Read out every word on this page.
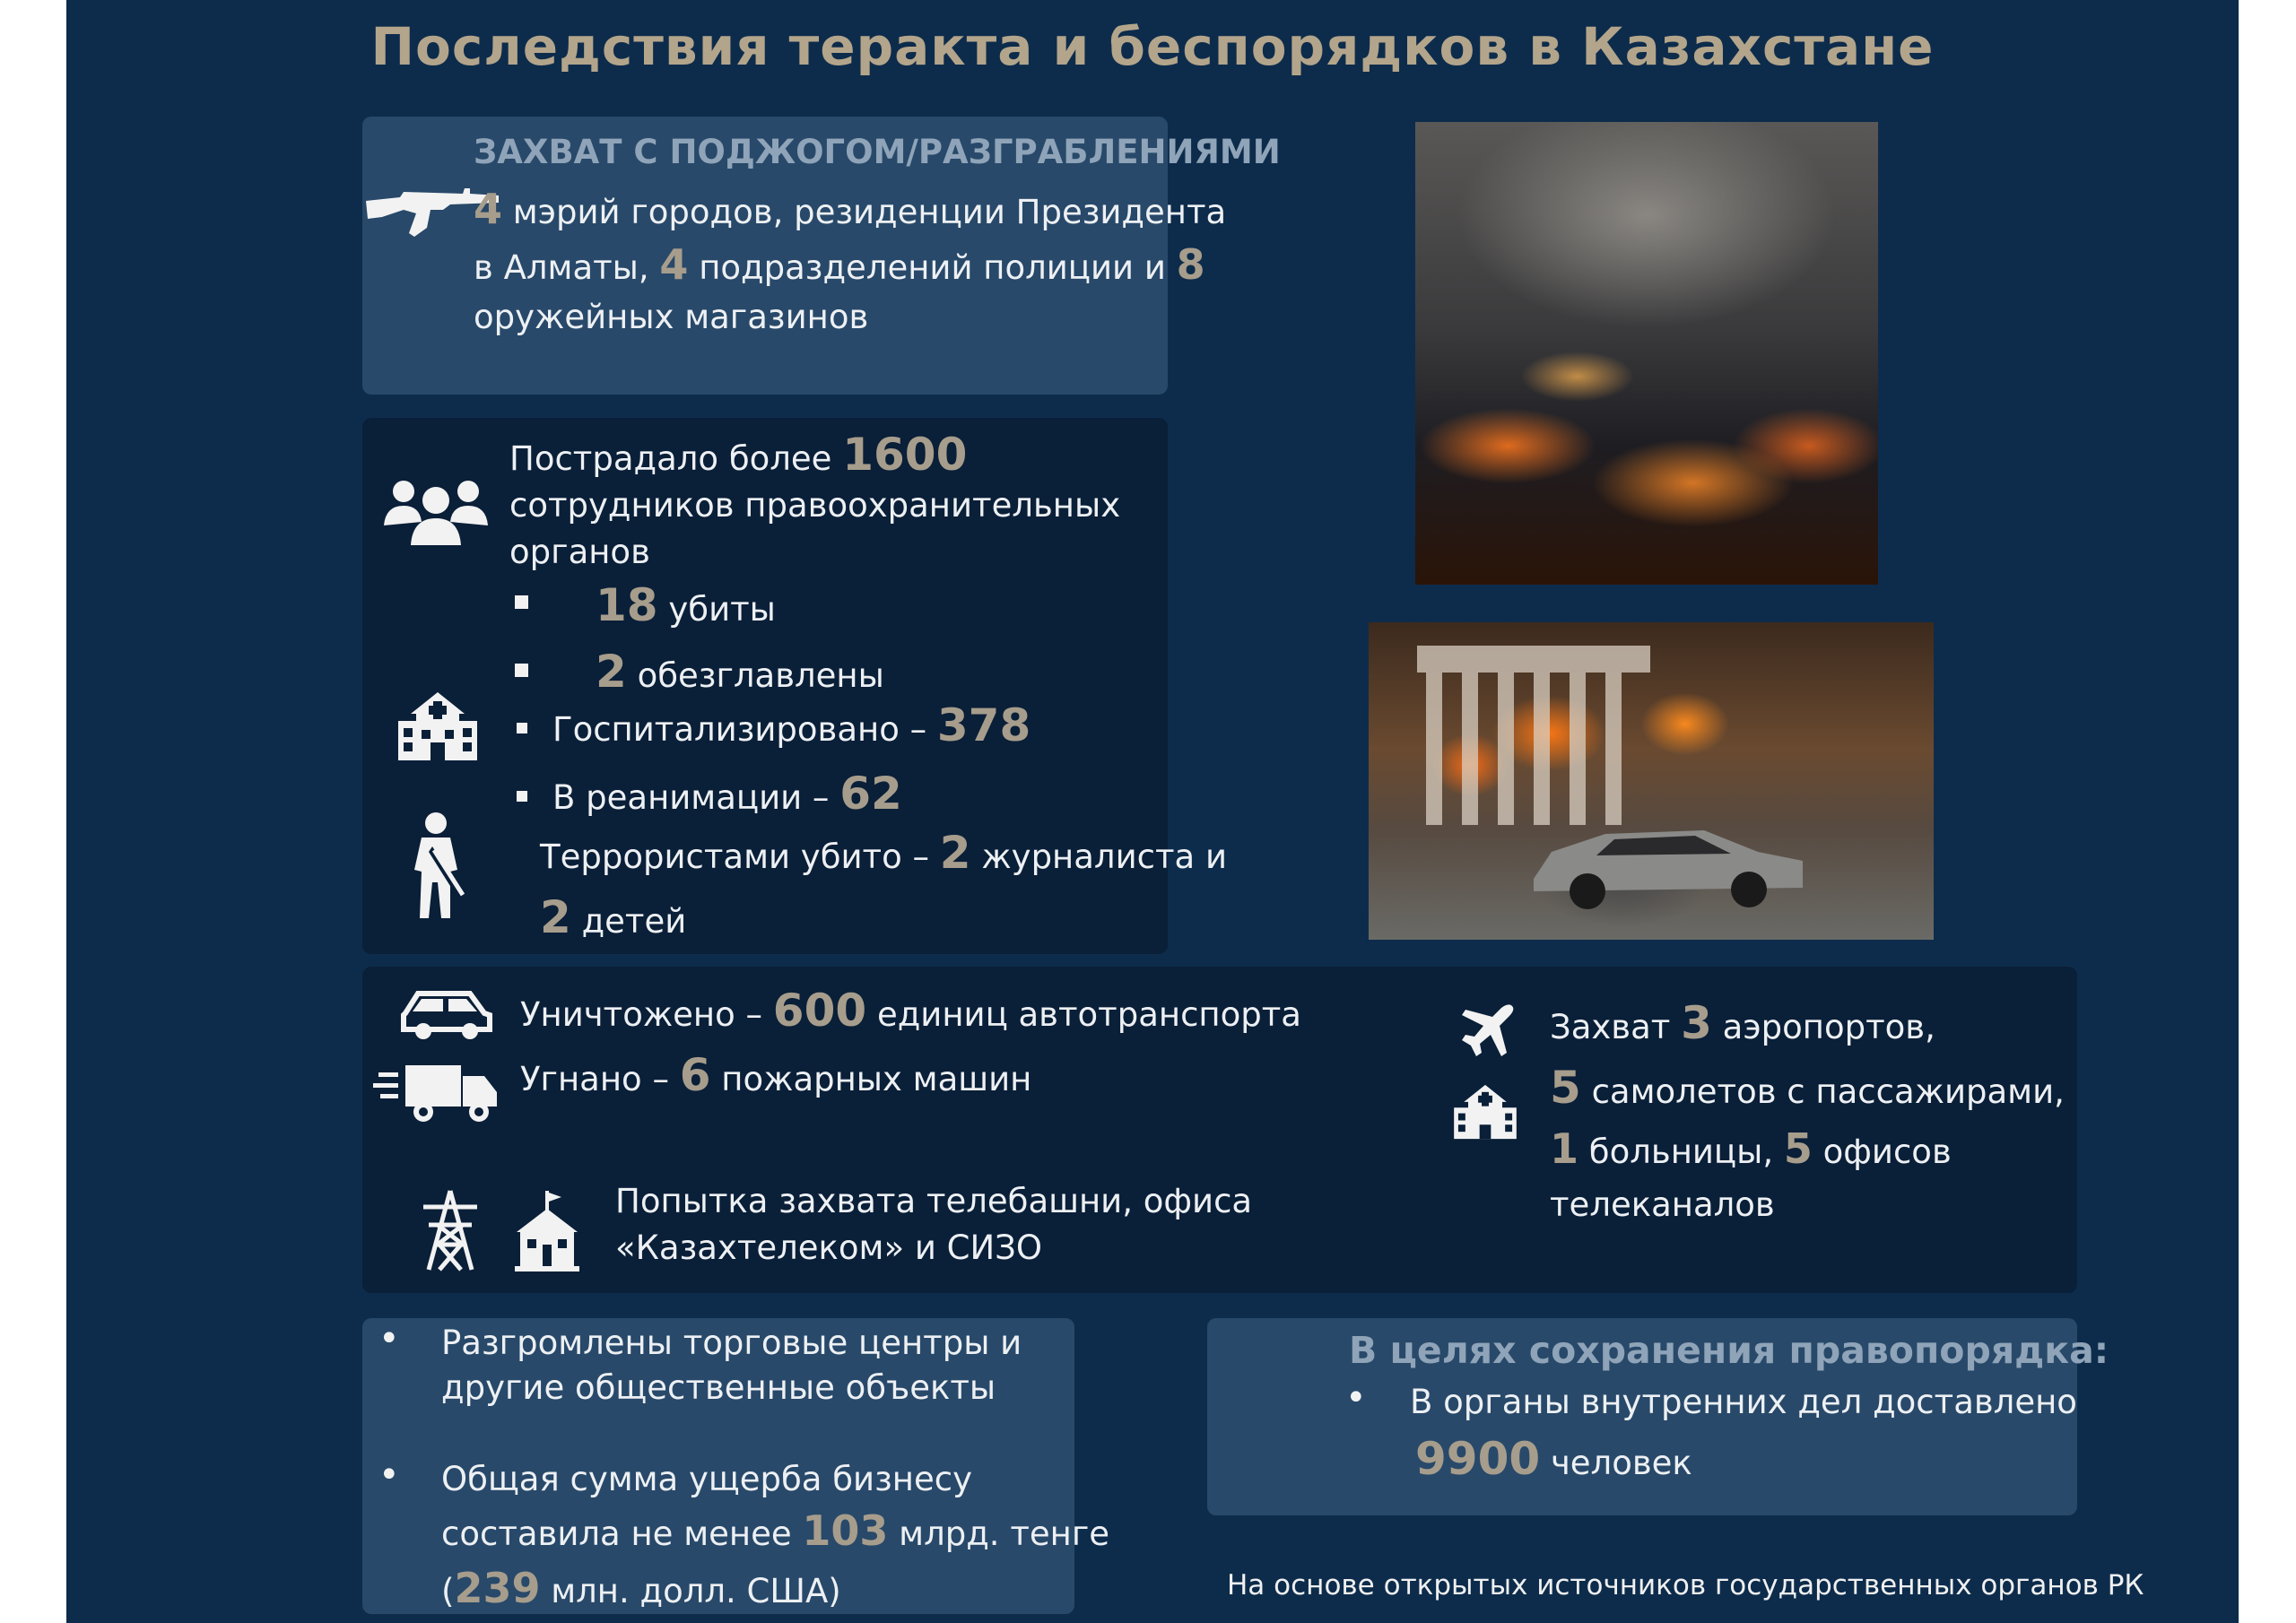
Последствия теракта и беспорядков в Казахстане
ЗАХВАТ С ПОДЖОГОМ/РАЗГРАБЛЕНИЯМИ
4 мэрий городов, резиденции Президента
в Алматы, 4 подразделений полиции и 8
оружейных магазинов
Пострадало более 1600
сотрудников правоохранительных
органов
18 убиты
2 обезглавлены
Госпитализировано – 378
В реанимации – 62
Террористами убито – 2 журналиста и
2 детей
Уничтожено – 600 единиц автотранспорта
Угнано – 6 пожарных машин
Попытка захвата телебашни, офиса
«Казахтелеком» и СИЗО
Захват 3 аэропортов,
5 самолетов с пассажирами,
1 больницы, 5 офисов
телеканалов
• Разгромлены торговые центры и
другие общественные объекты
• Общая сумма ущерба бизнесу
составила не менее 103 млрд. тенге
(239 млн. долл. США)
В целях сохранения правопорядка:
• В органы внутренних дел доставлено
9900 человек
На основе открытых источников государственных органов РК
